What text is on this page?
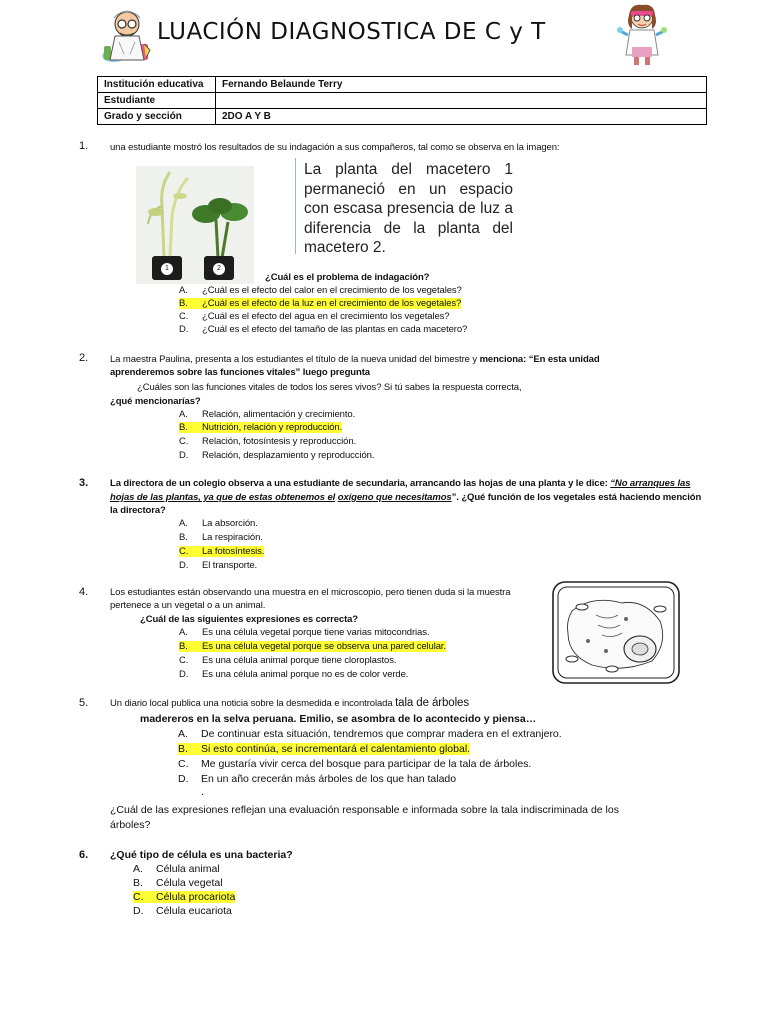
LUACIÓN DIAGNOSTICA DE C y T
Institución educativa	Fernando Belaunde Terry
Estudiante	
Grado y sección	2DO A Y B
1. una estudiante mostró los resultados de su indagación a sus compañeros, tal como se observa en la imagen:
1	2
La planta del macetero 1 permaneció en un espacio con escasa presencia de luz a diferencia de la planta del macetero 2.
¿Cuál es el problema de indagación?
A. ¿Cuál es el efecto del calor en el crecimiento de los vegetales?
B. ¿Cuál es el efecto de la luz en el crecimiento de los vegetales?
C. ¿Cuál es el efecto del agua en el crecimiento los vegetales?
D. ¿Cuál es el efecto del tamaño de las plantas en cada macetero?
2. La maestra Paulina, presenta a los estudiantes el título de la nueva unidad del bimestre y menciona: “En esta unidad
aprenderemos sobre las funciones vitales” luego pregunta
¿Cuáles son las funciones vitales de todos los seres vivos? Si tú sabes la respuesta correcta,
¿qué mencionarías?
A. Relación, alimentación y crecimiento.
B. Nutrición, relación y reproducción.
C. Relación, fotosíntesis y reproducción.
D. Relación, desplazamiento y reproducción.
3. La directora de un colegio observa a una estudiante de secundaria, arrancando las hojas de una planta y le dice: “No arranques las
hojas de las plantas, ya que de estas obtenemos el oxígeno que necesitamos”. ¿Qué función de los vegetales está haciendo mención
la directora?
A. La absorción.
B. La respiración.
C. La fotosíntesis.
D. El transporte.
4. Los estudiantes están observando una muestra en el microscopio, pero tienen duda si la muestra
pertenece a un vegetal o a un animal.
¿Cuál de las siguientes expresiones es correcta?
A. Es una célula vegetal porque tiene varias mitocondrias.
B. Es una célula vegetal porque se observa una pared celular.
C. Es una célula animal porque tiene cloroplastos.
D. Es una célula animal porque no es de color verde.
5. Un diario local publica una noticia sobre la desmedida e incontrolada tala de árboles
madereros en la selva peruana. Emilio, se asombra de lo acontecido y piensa…
A. De continuar esta situación, tendremos que comprar madera en el extranjero.
B. Si esto continúa, se incrementará el calentamiento global.
C. Me gustaría vivir cerca del bosque para participar de la tala de árboles.
D. En un año crecerán más árboles de los que han talado
.
¿Cuál de las expresiones reflejan una evaluación responsable e informada sobre la tala indiscriminada de los
árboles?
6. ¿Qué tipo de célula es una bacteria?
A. Célula animal
B. Célula vegetal
C. Célula procariota
D. Célula eucariota
